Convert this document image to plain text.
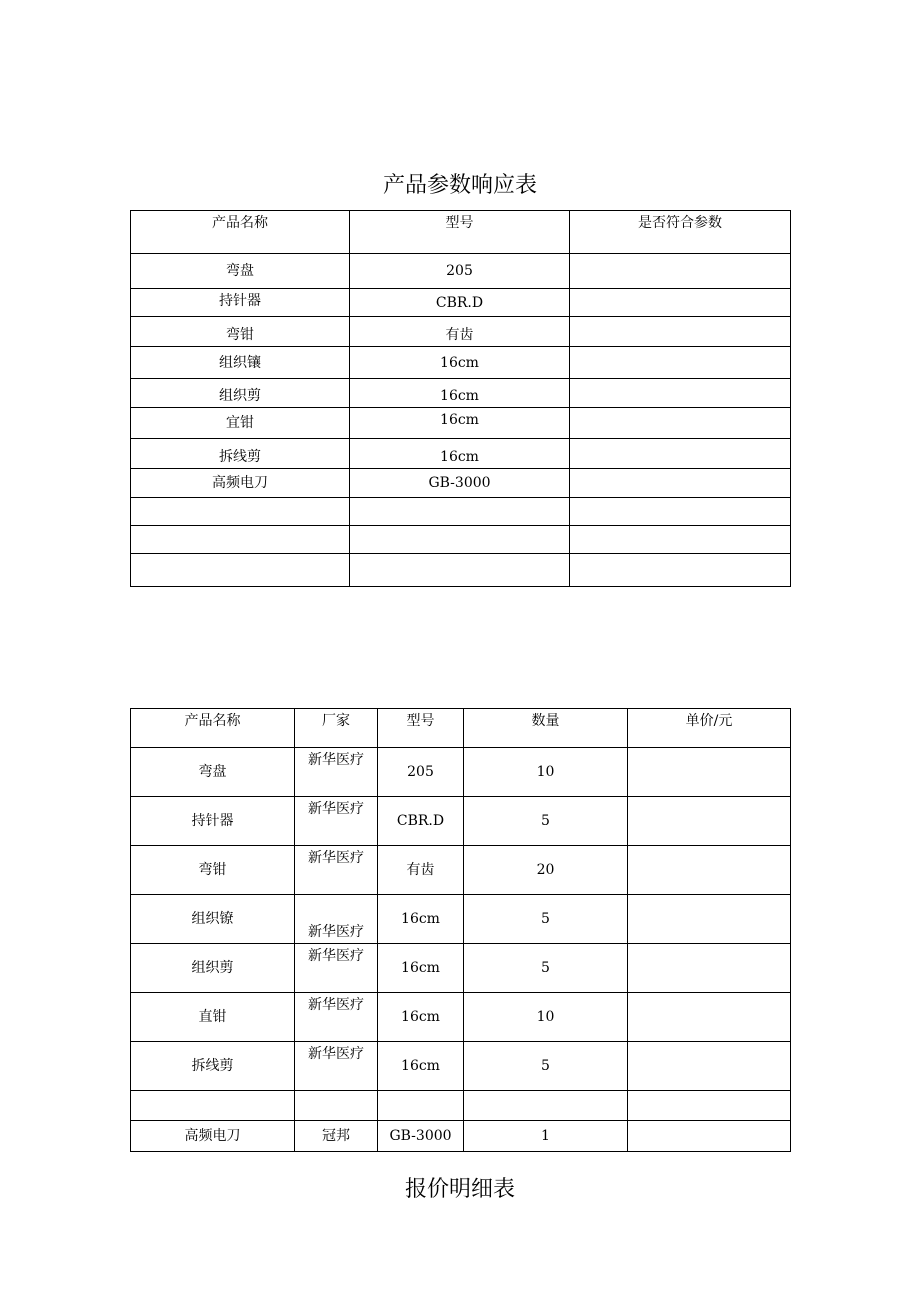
产品参数响应表
产品名称	型号	是否符合参数
弯盘	205	
持针器	CBR.D	
弯钳	有齿	
组织镶	16cm	
组织剪	16cm	
宜钳	16cm	
拆线剪	16cm	
高频电刀	GB-3000	

产品名称	厂家	型号	数量	单价/元
弯盘	新华医疗	205	10	
持针器	新华医疗	CBR.D	5	
弯钳	新华医疗	有齿	20	
组织镣	新华医疗	16cm	5	
组织剪	新华医疗	16cm	5	
直钳	新华医疗	16cm	10	
拆线剪	新华医疗	16cm	5	

高频电刀	冠邦	GB-3000	1	
报价明细表
